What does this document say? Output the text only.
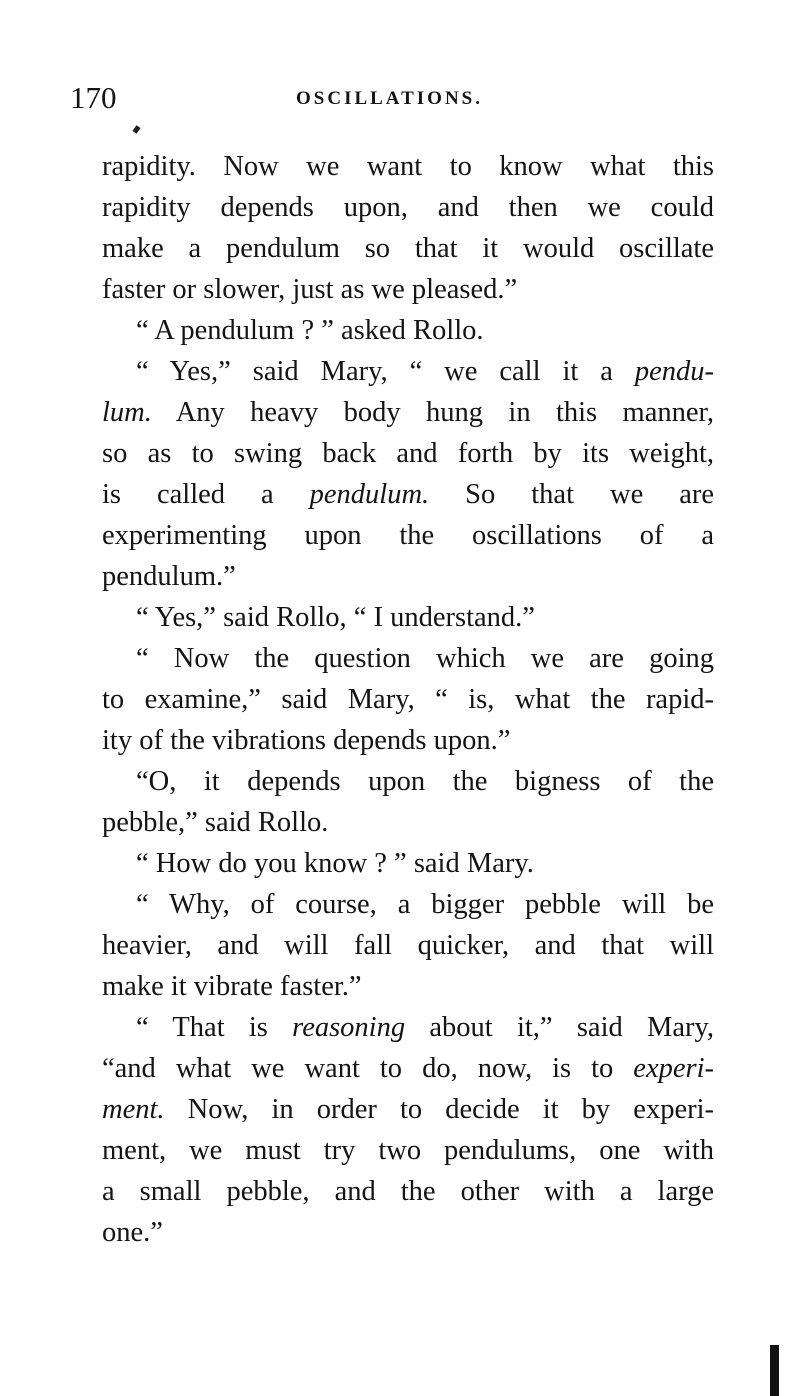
170	OSCILLATIONS.
rapidity. Now we want to know what this
rapidity depends upon, and then we could
make a pendulum so that it would oscillate
faster or slower, just as we pleased.”
“ A pendulum ? ” asked Rollo.
“ Yes,” said Mary, “ we call it a pendu-
lum. Any heavy body hung in this manner,
so as to swing back and forth by its weight,
is called a pendulum. So that we are
experimenting upon the oscillations of a
pendulum.”
“ Yes,” said Rollo, “ I understand.”
“ Now the question which we are going
to examine,” said Mary, “ is, what the rapid-
ity of the vibrations depends upon.”
“O, it depends upon the bigness of the
pebble,” said Rollo.
“ How do you know ? ” said Mary.
“ Why, of course, a bigger pebble will be
heavier, and will fall quicker, and that will
make it vibrate faster.”
“ That is reasoning about it,” said Mary,
“and what we want to do, now, is to experi-
ment. Now, in order to decide it by experi-
ment, we must try two pendulums, one with
a small pebble, and the other with a large
one.”
